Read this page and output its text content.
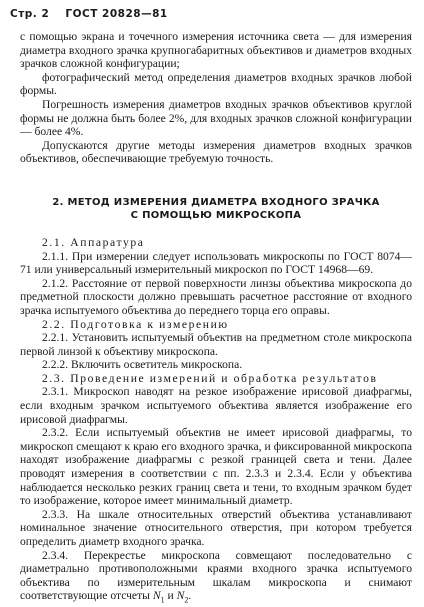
Стр. 2 ГОСТ 20828—81

с помощью экрана и точечного измерения источника света — для измерения диаметра входного зрачка крупногабаритных объективов и диаметров входных зрачков сложной конфигурации;

фотографический метод определения диаметров входных зрачков любой формы.

Погрешность измерения диаметров входных зрачков объективов круглой формы не должна быть более 2%, для входных зрачков сложной конфигурации — более 4%.

Допускаются другие методы измерения диаметров входных зрачков объективов, обеспечивающие требуемую точность.

2. МЕТОД ИЗМЕРЕНИЯ ДИАМЕТРА ВХОДНОГО ЗРАЧКА
С ПОМОЩЬЮ МИКРОСКОПА

2.1. Аппаратура

2.1.1. При измерении следует использовать микроскопы по ГОСТ 8074—71 или универсальный измерительный микроскоп по ГОСТ 14968—69.

2.1.2. Расстояние от первой поверхности линзы объектива микроскопа до предметной плоскости должно превышать расчетное расстояние от входного зрачка испытуемого объектива до переднего торца его оправы.

2.2. Подготовка к измерению

2.2.1. Установить испытуемый объектив на предметном столе микроскопа первой линзой к объективу микроскопа.

2.2.2. Включить осветитель микроскопа.

2.3. Проведение измерений и обработка результатов

2.3.1. Микроскоп наводят на резкое изображение ирисовой диафрагмы, если входным зрачком испытуемого объектива является изображение его ирисовой диафрагмы.

2.3.2. Если испытуемый объектив не имеет ирисовой диафрагмы, то микроскоп смещают к краю его входного зрачка, и фиксированной микроскопа находят изображение диафрагмы с резкой границей света и тени. Далее проводят измерения в соответствии с пп. 2.3.3 и 2.3.4. Если у объектива наблюдается несколько резких границ света и тени, то входным зрачком будет то изображение, которое имеет минимальный диаметр.

2.3.3. На шкале относительных отверстий объектива устанавливают номинальное значение относительного отверстия, при котором требуется определить диаметр входного зрачка.

2.3.4. Перекрестье микроскопа совмещают последовательно с диаметрально противоположными краями входного зрачка испытуемого объектива по измерительным шкалам микроскопа и снимают соответствующие отсчеты $N_1$ и $N_2$.
